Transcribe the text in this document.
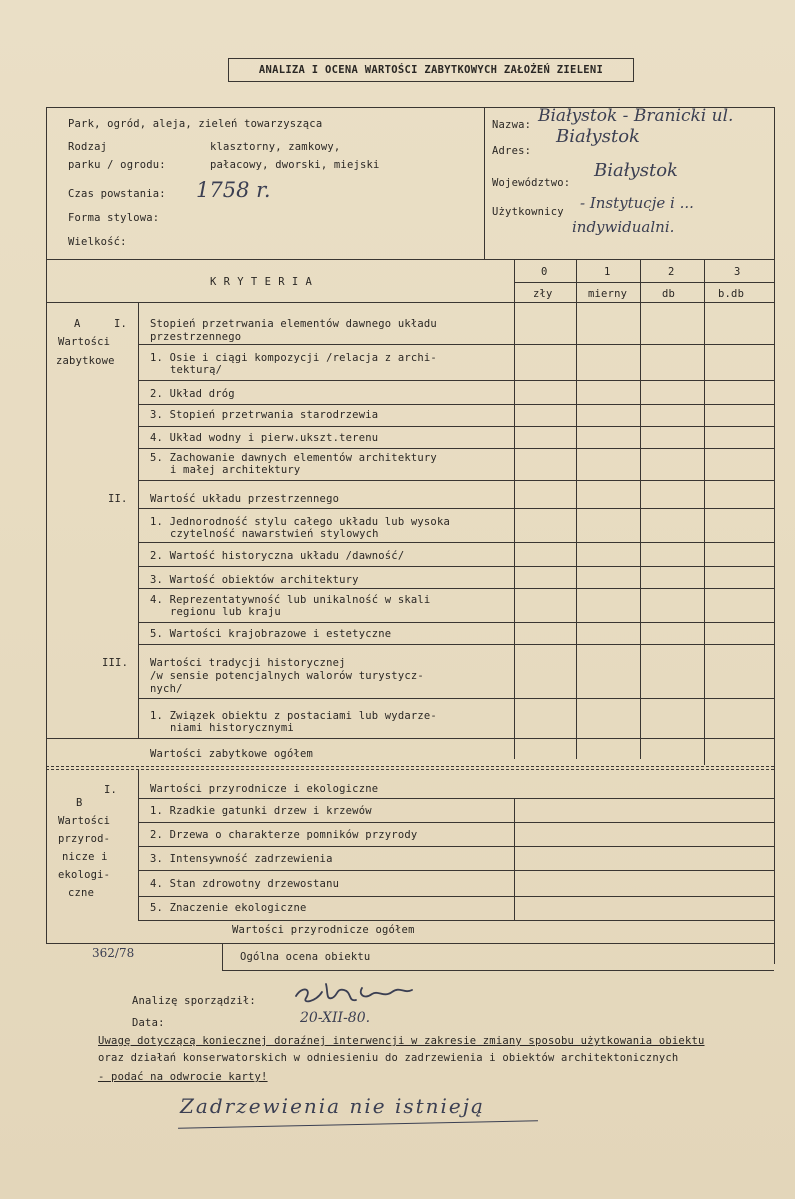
ANALIZA I OCENA WARTOŚCI ZABYTKOWYCH ZAŁOŻEŃ ZIELENI
Park, ogród, aleja, zieleń towarzysząca
Rodzaj	klasztorny, zamkowy,
parku / ogrodu:	pałacowy, dworski, miejski
Czas powstania: 1758 r.
Forma stylowa:
Wielkość:
Nazwa: Białystok - Branicki ul.
Adres:
Białystok
Województwo:
Białystok
Użytkownicy - Instytucje i ...
indywidualni.
K R Y T E R I A
0	1	2	3
zły	mierny	db	b.db
A	I.
Wartości
zabytkowe
Stopień przetrwania elementów dawnego układu
przestrzennego
1. Osie i ciągi kompozycji /relacja z archi-
tekturą/
2. Układ dróg
3. Stopień przetrwania starodrzewia
4. Układ wodny i pierw.ukszt.terenu
5. Zachowanie dawnych elementów architektury
i małej architektury
II. Wartość układu przestrzennego
1. Jednorodność stylu całego układu lub wysoka
czytelność nawarstwień stylowych
2. Wartość historyczna układu /dawność/
3. Wartość obiektów architektury
4. Reprezentatywność lub unikalność w skali
regionu lub kraju
5. Wartości krajobrazowe i estetyczne
III. Wartości tradycji historycznej
/w sensie potencjalnych walorów turystycz-
nych/
1. Związek obiektu z postaciami lub wydarze-
niami historycznymi
Wartości zabytkowe ogółem
I.	Wartości przyrodnicze i ekologiczne
B
Wartości
przyrod-
nicze i
ekologi-
czne
1. Rzadkie gatunki drzew i krzewów
2. Drzewa o charakterze pomników przyrody
3. Intensywność zadrzewienia
4. Stan zdrowotny drzewostanu
5. Znaczenie ekologiczne
Wartości przyrodnicze ogółem
Ogólna ocena obiektu
362/78
Analizę sporządził:
Data:	20-XII-80.
Uwagę dotyczącą koniecznej doraźnej interwencji w zakresie zmiany sposobu użytkowania obiektu
oraz działań konserwatorskich w odniesieniu do zadrzewienia i obiektów architektonicznych
- podać na odwrocie karty!
Zadrzewienia nie istnieją
